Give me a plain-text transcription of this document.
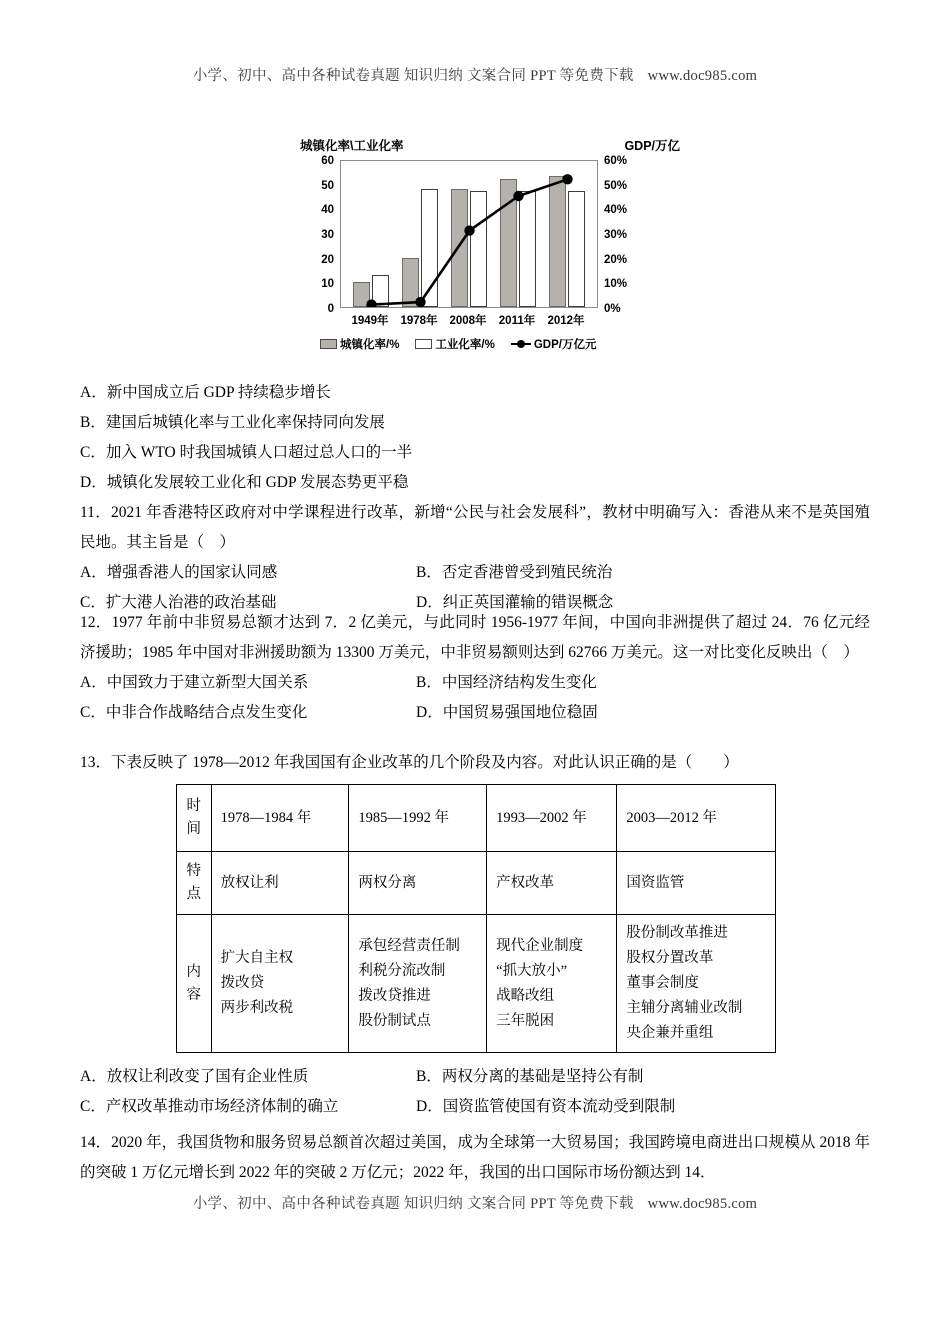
小学、初中、高中各种试卷真题 知识归纳 文案合同 PPT 等免费下载 www.doc985.com
城镇化率\工业化率	GDP/万亿
0
10
20
30
40
50
60
0%
10%
20%
30%
40%
50%
60%
1949年 1978年 2008年 2011年 2012年
城镇化率/%	工业化率/%	GDP/万亿元
A．新中国成立后 GDP 持续稳步增长
B．建国后城镇化率与工业化率保持同向发展
C．加入 WTO 时我国城镇人口超过总人口的一半
D．城镇化发展较工业化和 GDP 发展态势更平稳
11．2021 年香港特区政府对中学课程进行改革，新增“公民与社会发展科”，教材中明确写入：香港从来不是英国殖民地。其主旨是（　）
A．增强香港人的国家认同感	B．否定香港曾受到殖民统治
C．扩大港人治港的政治基础	D．纠正英国灌输的错误概念
12．1977 年前中非贸易总额才达到 7．2 亿美元，与此同时 1956-1977 年间，中国向非洲提供了超过 24．76 亿元经济援助；1985 年中国对非洲援助额为 13300 万美元，中非贸易额则达到 62766 万美元。这一对比变化反映出（　）
A．中国致力于建立新型大国关系	B．中国经济结构发生变化
C．中非合作战略结合点发生变化	D．中国贸易强国地位稳固
13．下表反映了 1978—2012 年我国国有企业改革的几个阶段及内容。对此认识正确的是（　　）
时
间	1978—1984 年	1985—1992 年	1993—2002 年	2003—2012 年

特
点	放权让利	两权分离	产权改革	国资监管

内
容	扩大自主权
拨改贷
两步利改税	承包经营责任制
利税分流改制
拨改贷推进
股份制试点	现代企业制度
“抓大放小”
战略改组
三年脱困	股份制改革推进
股权分置改革
董事会制度
主辅分离辅业改制
央企兼并重组
A．放权让利改变了国有企业性质	B．两权分离的基础是坚持公有制
C．产权改革推动市场经济体制的确立	D．国资监管使国有资本流动受到限制
14．2020 年，我国货物和服务贸易总额首次超过美国，成为全球第一大贸易国；我国跨境电商进出口规模从 2018 年的突破 1 万亿元增长到 2022 年的突破 2 万亿元；2022 年，我国的出口国际市场份额达到 14．
小学、初中、高中各种试卷真题 知识归纳 文案合同 PPT 等免费下载 www.doc985.com
